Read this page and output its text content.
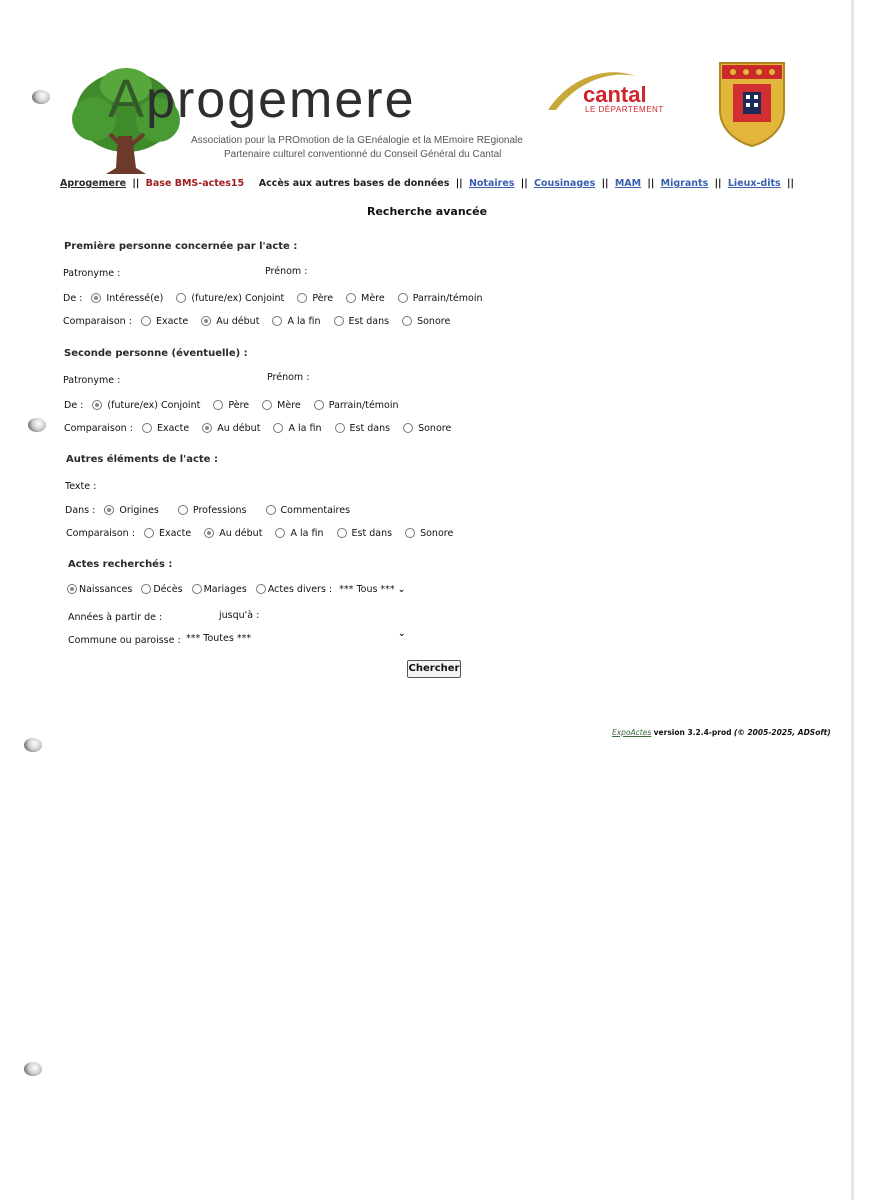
Aprogemere
Association pour la PROmotion de la GEnéalogie et la MEmoire REgionale
Partenaire culturel conventionné du Conseil Général du Cantal
cantal
LE DÉPARTEMENT
Aprogemere || Base BMS-actes15 Accès aux autres bases de données || Notaires || Cousinages || MAM || Migrants || Lieux-dits ||
Recherche avancée
Première personne concernée par l'acte :
Patronyme :	Prénom :
De :	Intéressé(e)	(future/ex) Conjoint	Père	Mère	Parrain/témoin
Comparaison :	Exacte	Au début	A la fin	Est dans	Sonore
Seconde personne (éventuelle) :
Patronyme :	Prénom :
De :	(future/ex) Conjoint	Père	Mère	Parrain/témoin
Comparaison :	Exacte	Au début	A la fin	Est dans	Sonore
Autres éléments de l'acte :
Texte :
Dans :	Origines	Professions	Commentaires
Comparaison :	Exacte	Au début	A la fin	Est dans	Sonore
Actes recherchés :
Naissances Décès Mariages Actes divers : *** Tous *** ⌄
Années à partir de :	jusqu'à :
Commune ou paroisse : *** Toutes ***	⌄
Chercher
ExpoActes version 3.2.4-prod (© 2005-2025, ADSoft)
